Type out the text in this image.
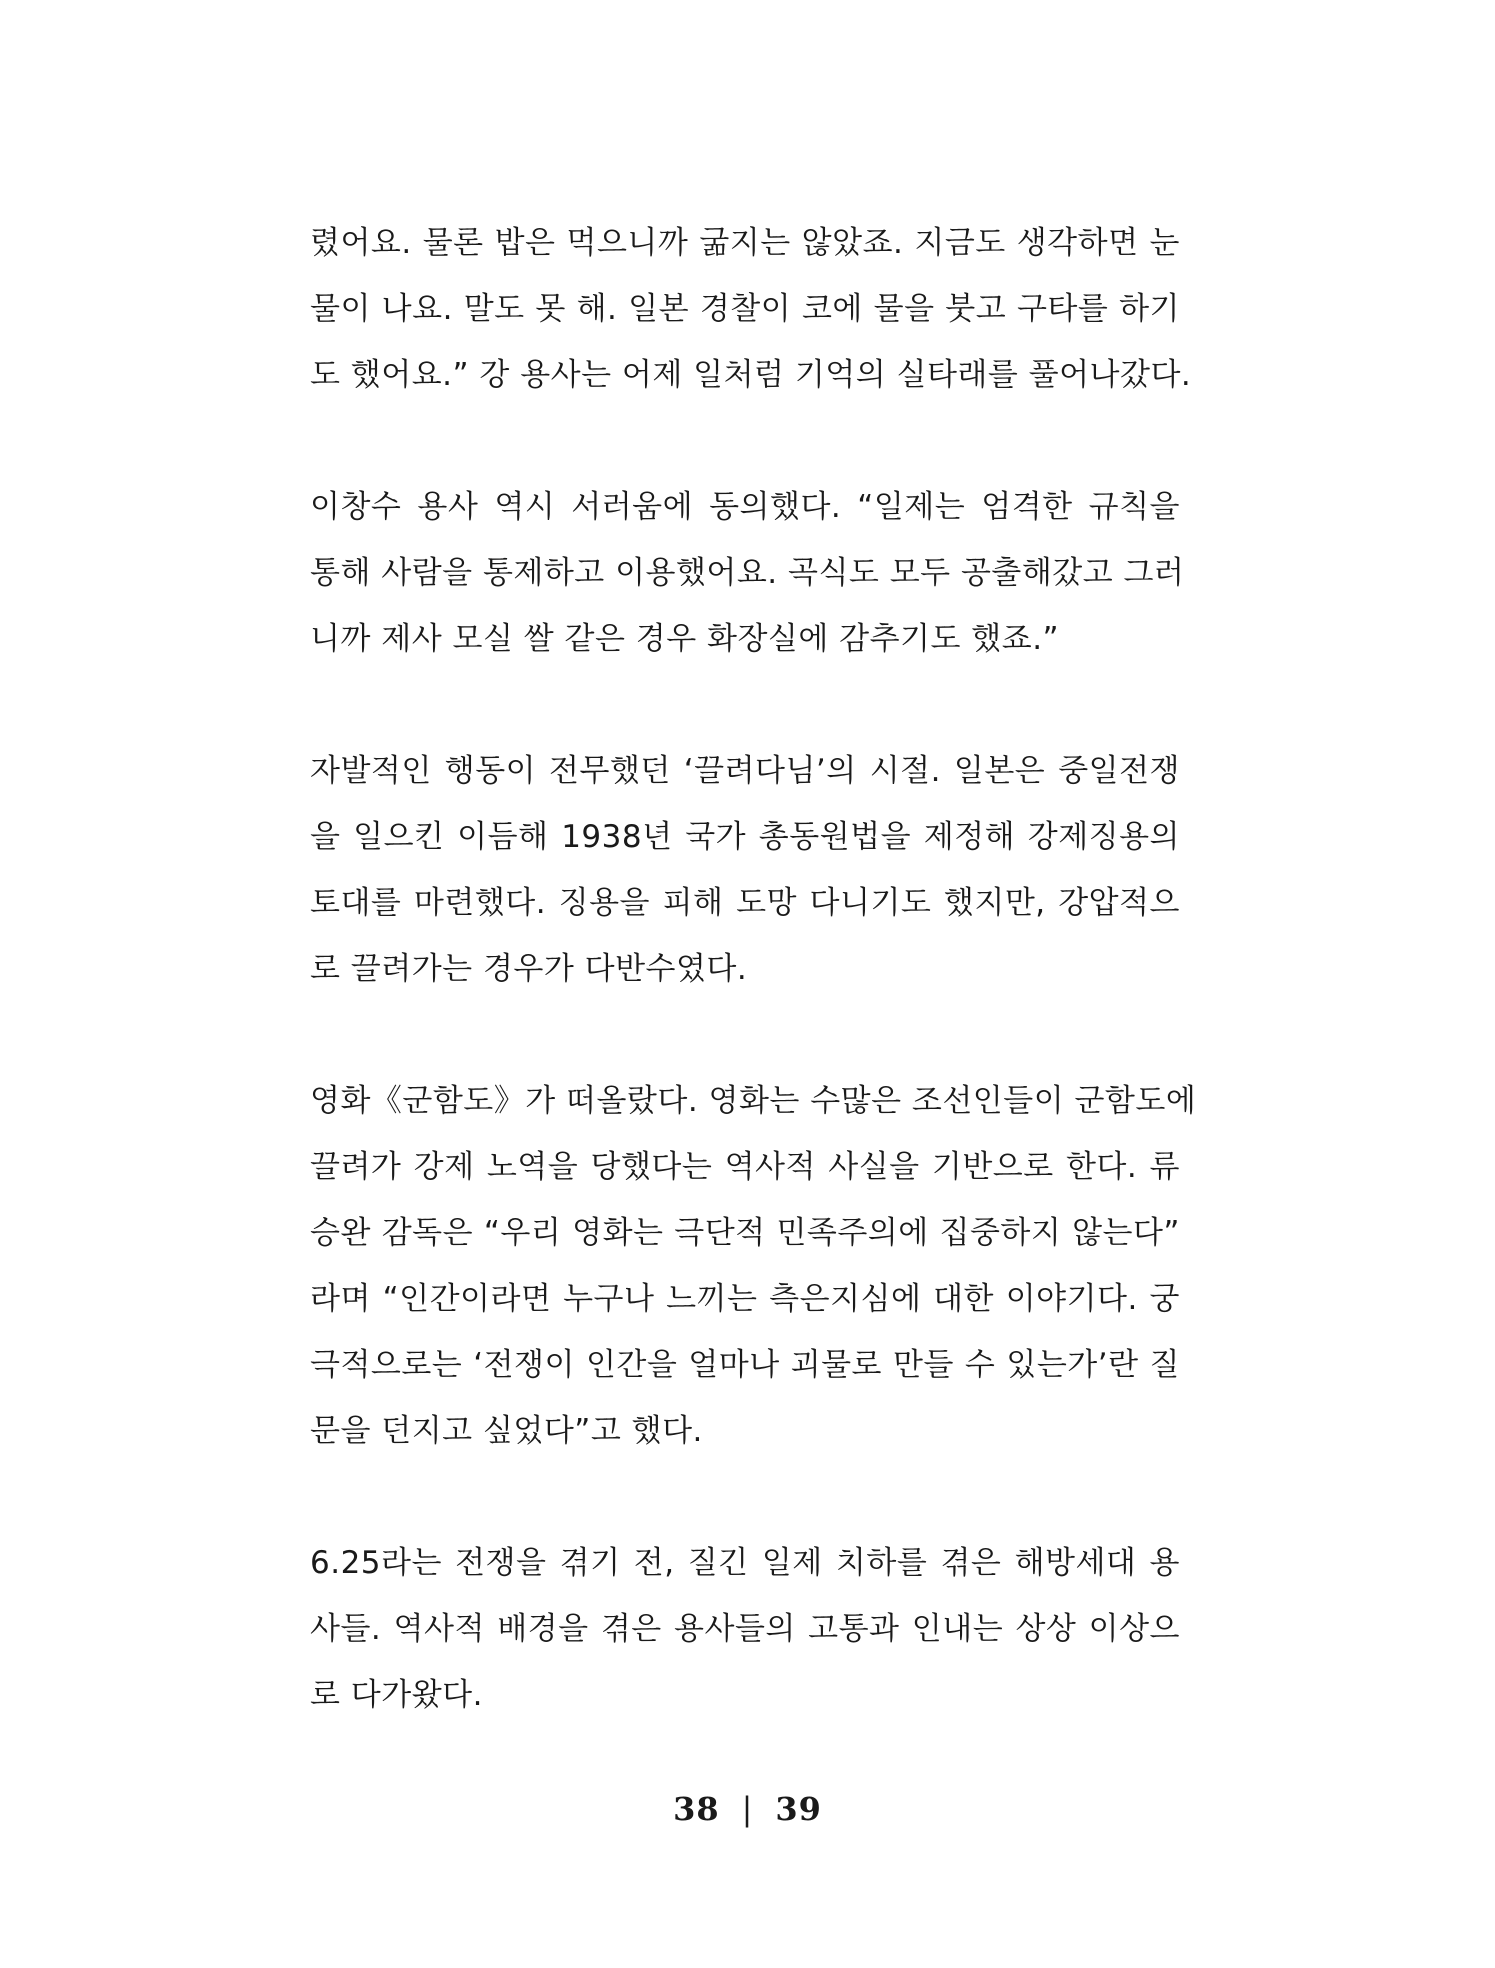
렸어요. 물론 밥은 먹으니까 굶지는 않았죠. 지금도 생각하면 눈
물이 나요. 말도 못 해. 일본 경찰이 코에 물을 붓고 구타를 하기
도 했어요.” 강 용사는 어제 일처럼 기억의 실타래를 풀어나갔다.

이창수 용사 역시 서러움에 동의했다. “일제는 엄격한 규칙을
통해 사람을 통제하고 이용했어요. 곡식도 모두 공출해갔고 그러
니까 제사 모실 쌀 같은 경우 화장실에 감추기도 했죠.”

자발적인 행동이 전무했던 ‘끌려다님’의 시절. 일본은 중일전쟁
을 일으킨 이듬해 1938년 국가 총동원법을 제정해 강제징용의
토대를 마련했다. 징용을 피해 도망 다니기도 했지만, 강압적으
로 끌려가는 경우가 다반수였다.

영화《군함도》가 떠올랐다. 영화는 수많은 조선인들이 군함도에
끌려가 강제 노역을 당했다는 역사적 사실을 기반으로 한다. 류
승완 감독은 “우리 영화는 극단적 민족주의에 집중하지 않는다”
라며 “인간이라면 누구나 느끼는 측은지심에 대한 이야기다. 궁
극적으로는 ‘전쟁이 인간을 얼마나 괴물로 만들 수 있는가’란 질
문을 던지고 싶었다”고 했다.

6.25라는 전쟁을 겪기 전, 질긴 일제 치하를 겪은 해방세대 용
사들. 역사적 배경을 겪은 용사들의 고통과 인내는 상상 이상으
로 다가왔다.

38 | 39
